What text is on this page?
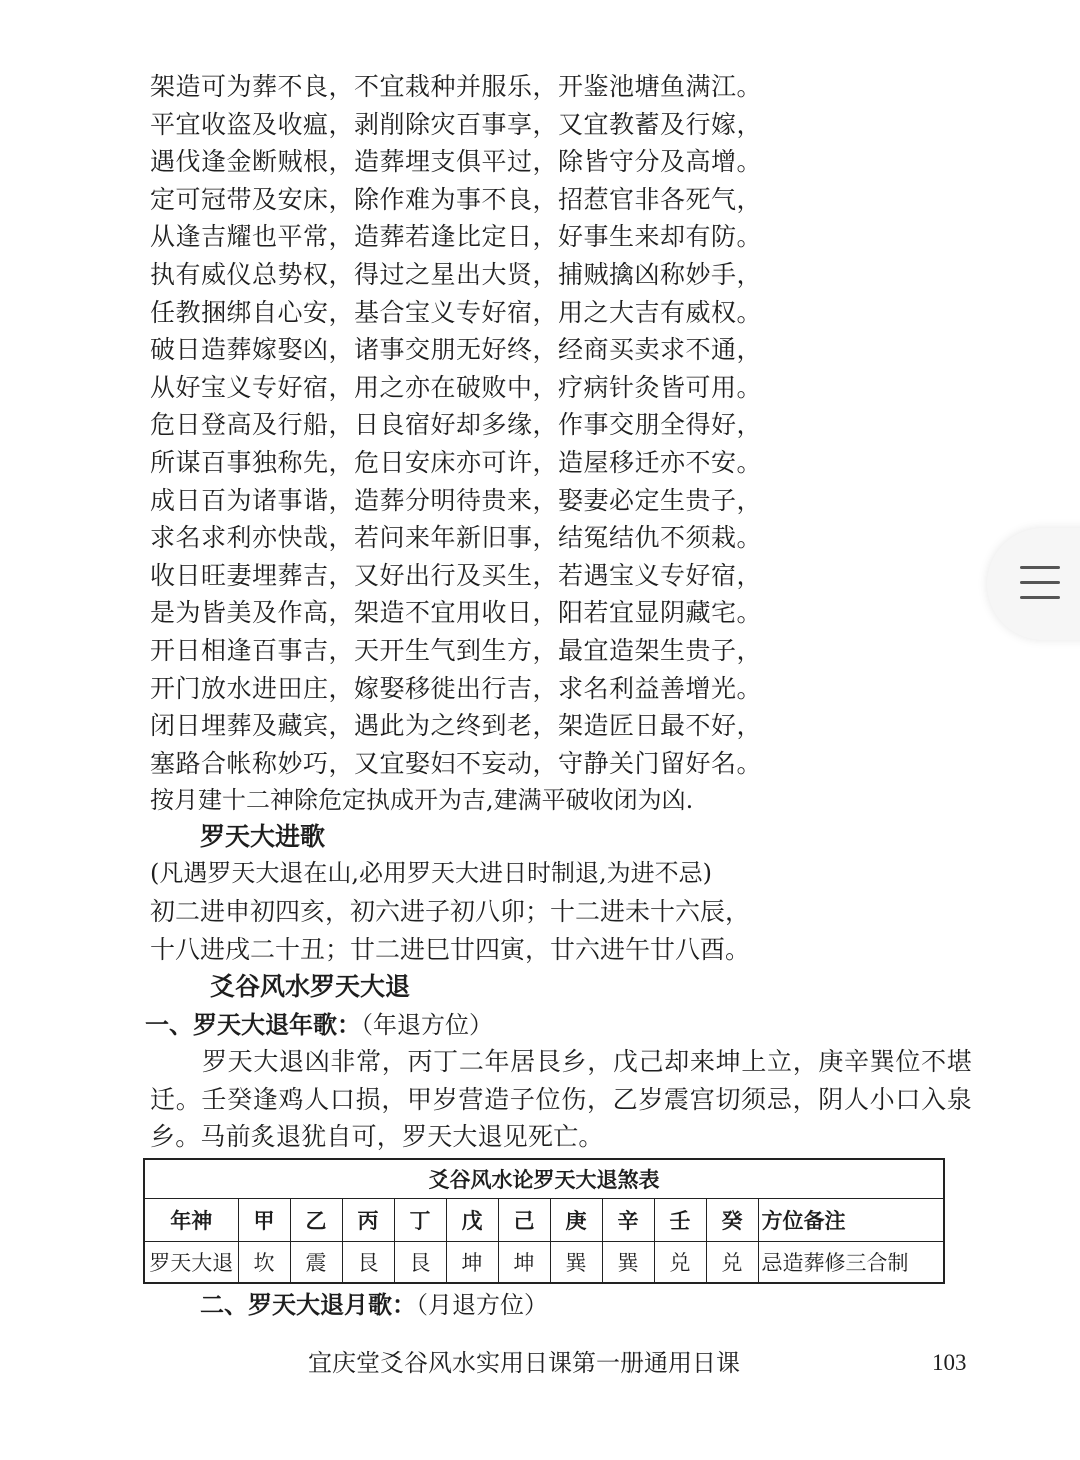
架造可为葬不良，不宜栽种并服乐，开鉴池塘鱼满江。
平宜收盗及收瘟，剥削除灾百事享，又宜教蓄及行嫁，
遇伐逢金断贼根，造葬埋支俱平过，除皆守分及高增。
定可冠带及安床，除作难为事不良，招惹官非各死气，
从逢吉耀也平常，造葬若逢比定日，好事生来却有防。
执有威仪总势权，得过之星出大贤，捕贼擒凶称妙手，
任教捆绑自心安，基合宝义专好宿，用之大吉有威权。
破日造葬嫁娶凶，诸事交朋无好终，经商买卖求不通，
从好宝义专好宿，用之亦在破败中，疗病针灸皆可用。
危日登高及行船，日良宿好却多缘，作事交朋全得好，
所谋百事独称先，危日安床亦可许，造屋移迁亦不安。
成日百为诸事谐，造葬分明待贵来，娶妻必定生贵子，
求名求利亦快哉，若问来年新旧事，结冤结仇不须栽。
收日旺妻埋葬吉，又好出行及买生，若遇宝义专好宿，
是为皆美及作高，架造不宜用收日，阳若宜显阴藏宅。
开日相逢百事吉，天开生气到生方，最宜造架生贵子，
开门放水进田庄，嫁娶移徙出行吉，求名利益善增光。
闭日埋葬及藏宾，遇此为之终到老，架造匠日最不好，
塞路合帐称妙巧，又宜娶妇不妄动，守静关门留好名。
按月建十二神除危定执成开为吉,建满平破收闭为凶.
罗天大进歌
(凡遇罗天大退在山,必用罗天大进日时制退,为进不忌)
初二进申初四亥，初六进子初八卯；十二进未十六辰，
十八进戌二十丑；廿二进巳廿四寅，廿六进午廿八酉。
爻谷风水罗天大退
一、罗天大退年歌：（年退方位）

罗天大退凶非常，丙丁二年居艮乡，戊己却来坤上立，庚辛巽位不堪迁。壬癸逢鸡人口损，甲岁营造子位伤，乙岁震宫切须忌，阴人小口入泉乡。马前炙退犹自可，罗天大退见死亡。

爻谷风水论罗天大退煞表											
年神	甲	乙	丙	丁	戊	己	庚	辛	壬	癸	方位备注
罗天大退	坎	震	艮	艮	坤	坤	巽	巽	兑	兑	忌造葬修三合制
二、罗天大退月歌：（月退方位）
宜庆堂爻谷风水实用日课第一册通用日课	103
